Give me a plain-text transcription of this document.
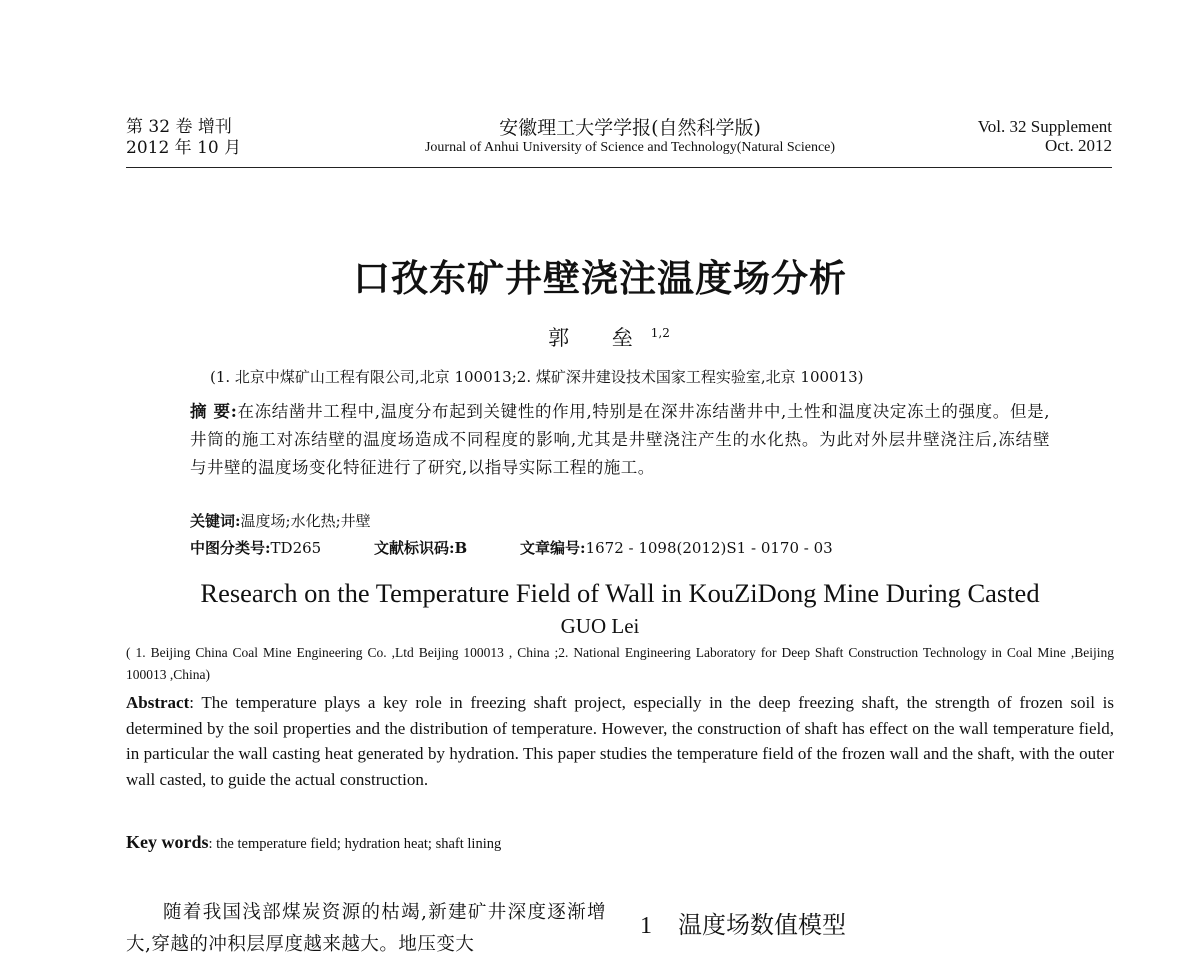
第 32 卷 增刊
2012 年 10 月
安徽理工大学学报(自然科学版)
Journal of Anhui University of Science and Technology(Natural Science)
Vol. 32 Supplement
Oct. 2012
口孜东矿井壁浇注温度场分析
郭 垒$^{1,2}$
(1. 北京中煤矿山工程有限公司,北京 100013;2. 煤矿深井建设技术国家工程实验室,北京 100013)
摘 要:在冻结凿井工程中,温度分布起到关键性的作用,特别是在深井冻结凿井中,土性和温度决定冻土的强度。但是,井筒的施工对冻结壁的温度场造成不同程度的影响,尤其是井壁浇注产生的水化热。为此对外层井壁浇注后,冻结壁与井壁的温度场变化特征进行了研究,以指导实际工程的施工。
关键词:温度场;水化热;井壁
中图分类号:TD265	文献标识码:B	文章编号:1672 - 1098(2012)S1 - 0170 - 03
Research on the Temperature Field of Wall in KouZiDong Mine During Casted
GUO Lei
( 1. Beijing China Coal Mine Engineering Co. ,Ltd Beijing 100013 , China ;2. National Engineering Laboratory for Deep Shaft Construction Technology in Coal Mine ,Beijing 100013 ,China)
Abstract: The temperature plays a key role in freezing shaft project, especially in the deep freezing shaft, the strength of frozen soil is determined by the soil properties and the distribution of temperature. However, the construction of shaft has effect on the wall temperature field, in particular the wall casting heat generated by hydration. This paper studies the temperature field of the frozen wall and the shaft, with the outer wall casted, to guide the actual construction.
Key words: the temperature field; hydration heat; shaft lining
随着我国浅部煤炭资源的枯竭,新建矿井深度逐渐增大,穿越的冲积层厚度越来越大。地压变大
1 温度场数值模型
